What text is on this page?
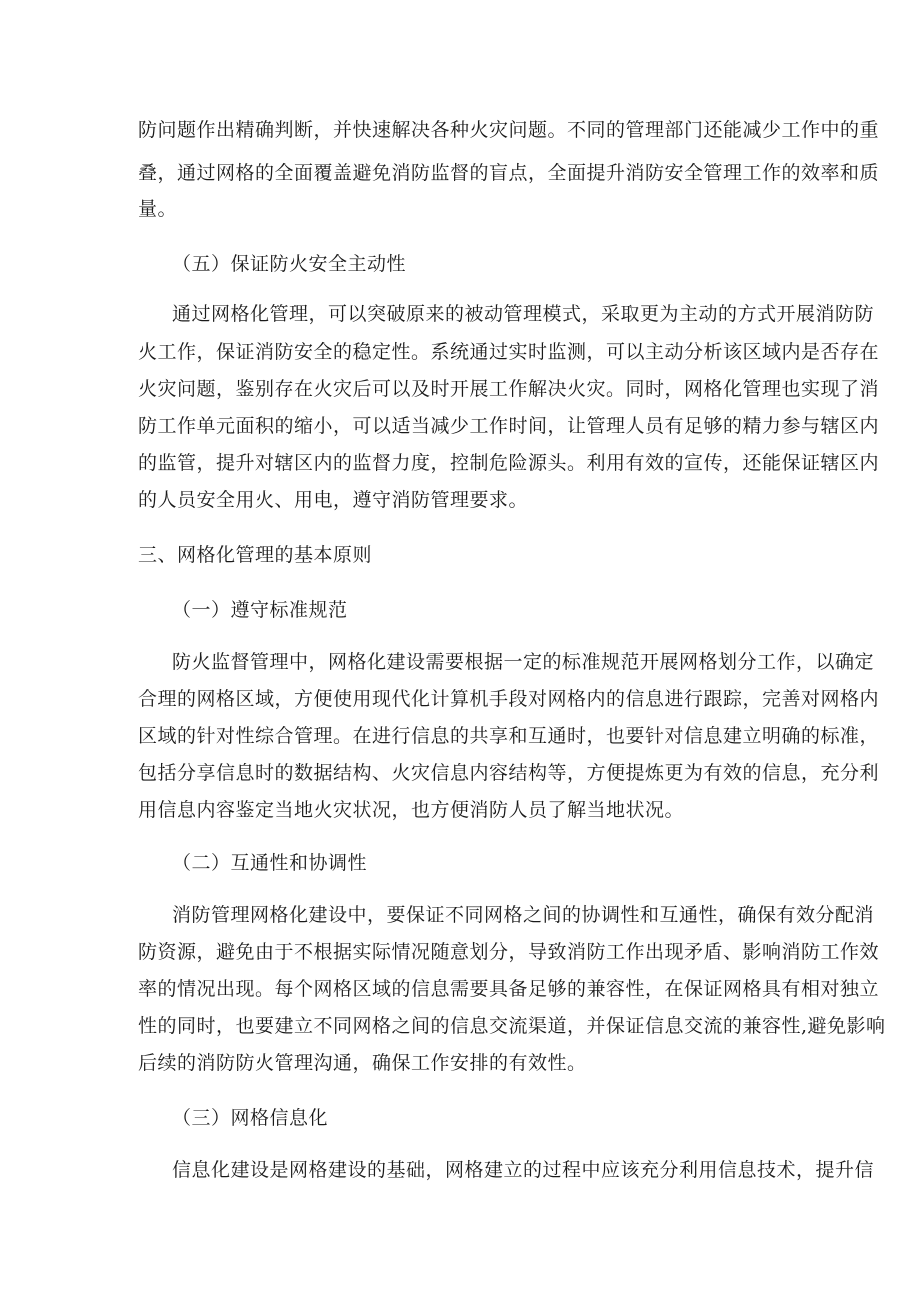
防问题作出精确判断，并快速解决各种火灾问题。不同的管理部门还能减少工作中的重
叠，通过网格的全面覆盖避免消防监督的盲点，全面提升消防安全管理工作的效率和质
量。
（五）保证防火安全主动性
通过网格化管理，可以突破原来的被动管理模式，采取更为主动的方式开展消防防
火工作，保证消防安全的稳定性。系统通过实时监测，可以主动分析该区域内是否存在
火灾问题，鉴别存在火灾后可以及时开展工作解决火灾。同时，网格化管理也实现了消
防工作单元面积的缩小，可以适当减少工作时间，让管理人员有足够的精力参与辖区内
的监管，提升对辖区内的监督力度，控制危险源头。利用有效的宣传，还能保证辖区内
的人员安全用火、用电，遵守消防管理要求。
三、网格化管理的基本原则
（一）遵守标准规范
防火监督管理中，网格化建设需要根据一定的标准规范开展网格划分工作，以确定
合理的网格区域，方便使用现代化计算机手段对网格内的信息进行跟踪，完善对网格内
区域的针对性综合管理。在进行信息的共享和互通时，也要针对信息建立明确的标准，
包括分享信息时的数据结构、火灾信息内容结构等，方便提炼更为有效的信息，充分利
用信息内容鉴定当地火灾状况，也方便消防人员了解当地状况。
（二）互通性和协调性
消防管理网格化建设中，要保证不同网格之间的协调性和互通性，确保有效分配消
防资源，避免由于不根据实际情况随意划分，导致消防工作出现矛盾、影响消防工作效
率的情况出现。每个网格区域的信息需要具备足够的兼容性，在保证网格具有相对独立
性的同时，也要建立不同网格之间的信息交流渠道，并保证信息交流的兼容性,避免影响
后续的消防防火管理沟通，确保工作安排的有效性。
（三）网格信息化
信息化建设是网格建设的基础，网格建立的过程中应该充分利用信息技术，提升信
